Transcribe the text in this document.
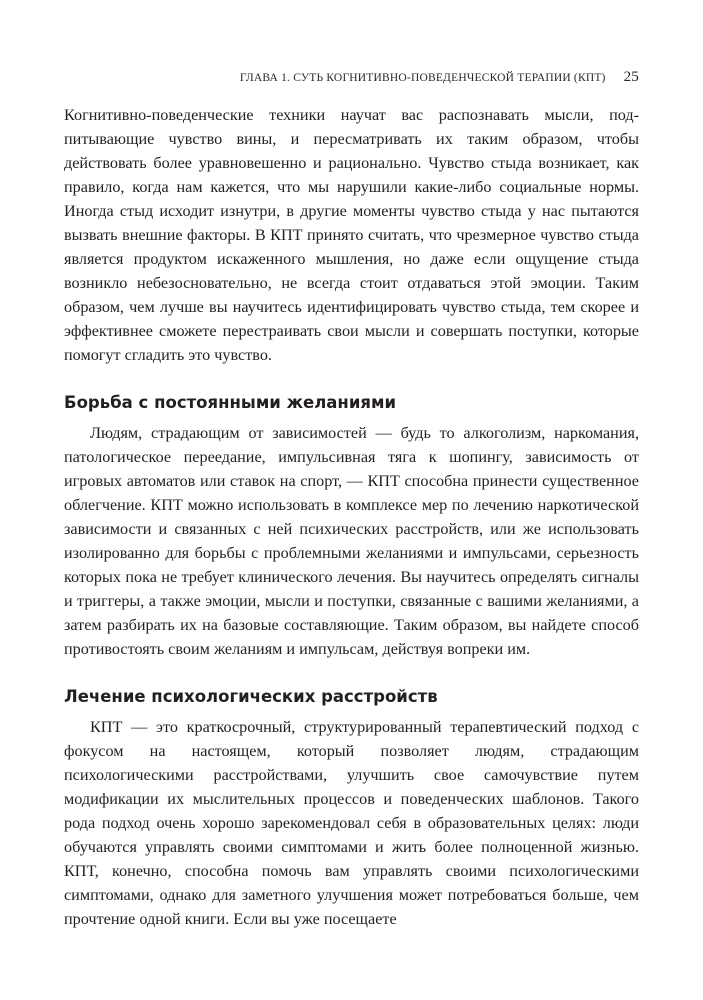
ГЛАВА 1. СУТЬ КОГНИТИВНО-ПОВЕДЕНЧЕСКОЙ ТЕРАПИИ (КПТ) 25

Когнитивно-поведенческие техники научат вас распознавать мысли, подпитывающие чувство вины, и пересматривать их таким образом, чтобы действовать более уравновешенно и рационально. Чувство стыда возникает, как правило, когда нам кажется, что мы нарушили какие-либо социальные нормы. Иногда стыд исходит изнутри, в другие моменты чувство стыда у нас пытаются вызвать внешние факторы. В КПТ принято считать, что чрезмерное чувство стыда является продуктом искаженного мышления, но даже если ощущение стыда возникло небезосновательно, не всегда стоит отдаваться этой эмоции. Таким образом, чем лучше вы научитесь идентифицировать чувство стыда, тем скорее и эффективнее сможете перестраивать свои мысли и совершать поступки, которые помогут сгладить это чувство.

Борьба с постоянными желаниями

Людям, страдающим от зависимостей — будь то алкоголизм, наркомания, патологическое переедание, импульсивная тяга к шопингу, зависимость от игровых автоматов или ставок на спорт, — КПТ способна принести существенное облегчение. КПТ можно использовать в комплексе мер по лечению наркотической зависимости и связанных с ней психических расстройств, или же использовать изолированно для борьбы с проблемными желаниями и импульсами, серьезность которых пока не требует клинического лечения. Вы научитесь определять сигналы и триггеры, а также эмоции, мысли и поступки, связанные с вашими желаниями, а затем разбирать их на базовые составляющие. Таким образом, вы найдете способ противостоять своим желаниям и импульсам, действуя вопреки им.

Лечение психологических расстройств

КПТ — это краткосрочный, структурированный терапевтический подход с фокусом на настоящем, который позволяет людям, страдающим психологическими расстройствами, улучшить свое самочувствие путем модификации их мыслительных процессов и поведенческих шаблонов. Такого рода подход очень хорошо зарекомендовал себя в образовательных целях: люди обучаются управлять своими симптомами и жить более полноценной жизнью. КПТ, конечно, способна помочь вам управлять своими психологическими симптомами, однако для заметного улучшения может потребоваться больше, чем прочтение одной книги. Если вы уже посещаете
